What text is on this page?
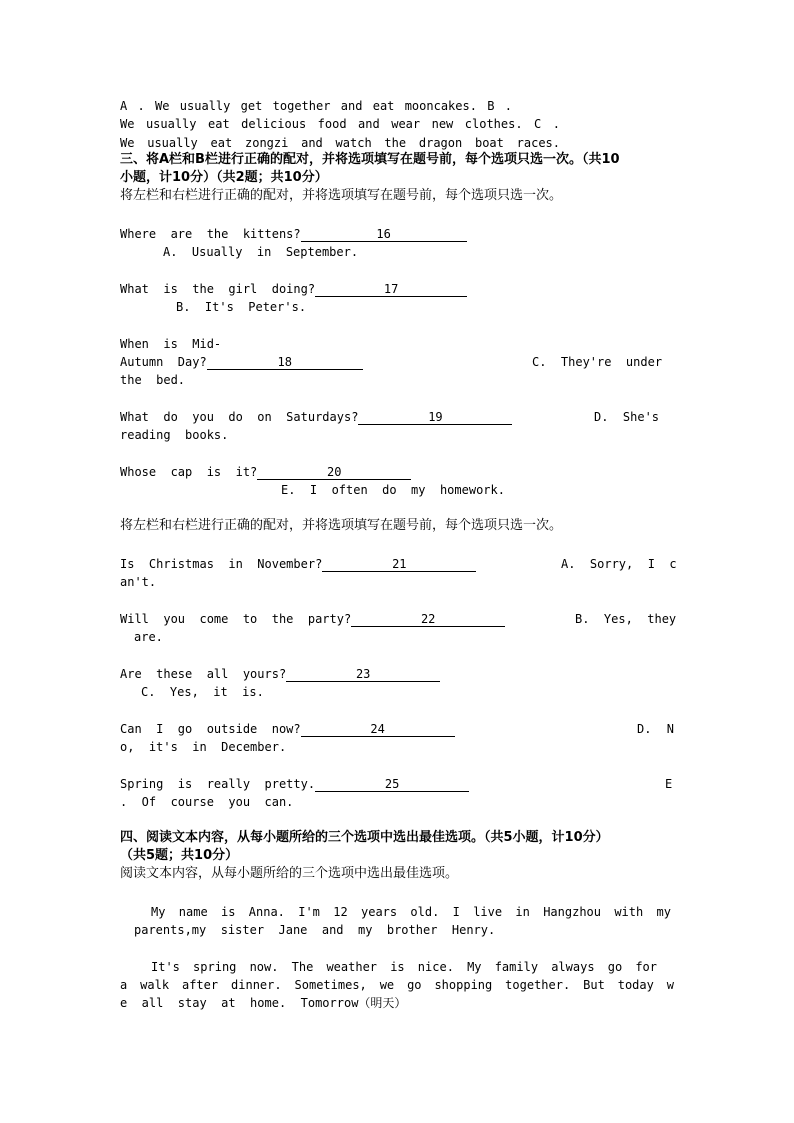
A . We usually get together and eat mooncakes. B .
We usually eat delicious food and wear new clothes. C .
We usually eat zongzi and watch the dragon boat races.
三、将A栏和B栏进行正确的配对，并将选项填写在题号前，每个选项只选一次。（共10
小题，计10分）（共2题；共10分）
将左栏和右栏进行正确的配对，并将选项填写在题号前，每个选项只选一次。
Where  are  the  kittens?	16
A.  Usually  in  September.
What  is  the  girl  doing?	17
B.  It's  Peter's.
When  is  Mid-
Autumn  Day?	18	C.  They're  under
the  bed.
What  do  you  do  on  Saturdays?	19	D.  She's
reading  books.
Whose  cap  is  it?	20
E.  I  often  do  my  homework.
将左栏和右栏进行正确的配对，并将选项填写在题号前，每个选项只选一次。
Is  Christmas  in  November?	21	A.  Sorry,  I  c
an't.
Will  you  come  to  the  party?	22	B.  Yes,  they
are.
Are  these  all  yours?	23
C.  Yes,  it  is.
Can  I  go  outside  now?	24	D.  N
o,  it's  in  December.
Spring  is  really  pretty.	25	E
.  Of  course  you  can.
四、阅读文本内容，从每小题所给的三个选项中选出最佳选项。（共5小题，计10分）
（共5题；共10分）
阅读文本内容，从每小题所给的三个选项中选出最佳选项。
My name is Anna. I'm 12 years old. I live in Hangzhou with my
parents,my  sister  Jane  and  my  brother  Henry.
It's spring now. The weather is nice. My family always go for
a walk after dinner. Sometimes, we go shopping together. But today w
e  all  stay  at  home.  Tomorrow（明天）
